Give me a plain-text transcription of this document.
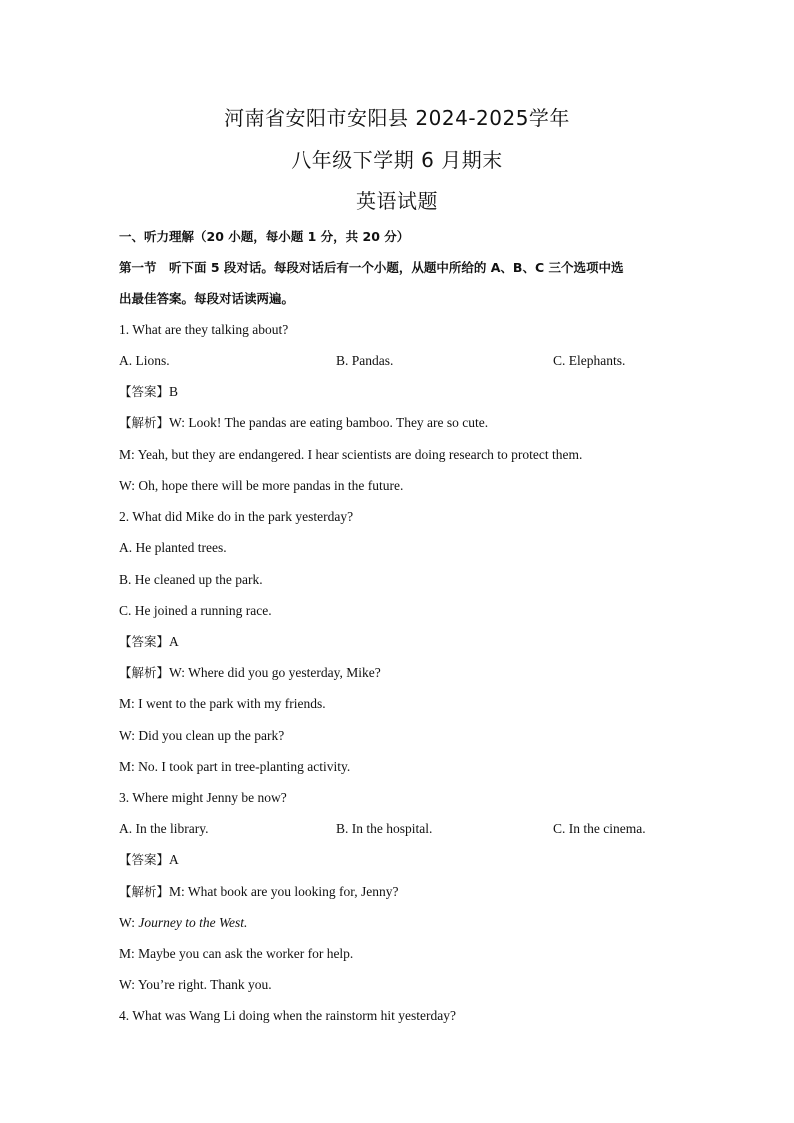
河南省安阳市安阳县 2024-2025学年
八年级下学期 6 月期末
英语试题
一、听力理解（20 小题，每小题 1 分，共 20 分）
第一节　听下面 5 段对话。每段对话后有一个小题，从题中所给的 A、B、C 三个选项中选
出最佳答案。每段对话读两遍。
1. What are they talking about?
A. Lions.	B. Pandas.	C. Elephants.
【答案】B
【解析】W: Look! The pandas are eating bamboo. They are so cute.
M: Yeah, but they are endangered. I hear scientists are doing research to protect them.
W: Oh, hope there will be more pandas in the future.
2. What did Mike do in the park yesterday?
A. He planted trees.
B. He cleaned up the park.
C. He joined a running race.
【答案】A
【解析】W: Where did you go yesterday, Mike?
M: I went to the park with my friends.
W: Did you clean up the park?
M: No. I took part in tree-planting activity.
3. Where might Jenny be now?
A. In the library.	B. In the hospital.	C. In the cinema.
【答案】A
【解析】M: What book are you looking for, Jenny?
W: Journey to the West.
M: Maybe you can ask the worker for help.
W: You’re right. Thank you.
4. What was Wang Li doing when the rainstorm hit yesterday?
